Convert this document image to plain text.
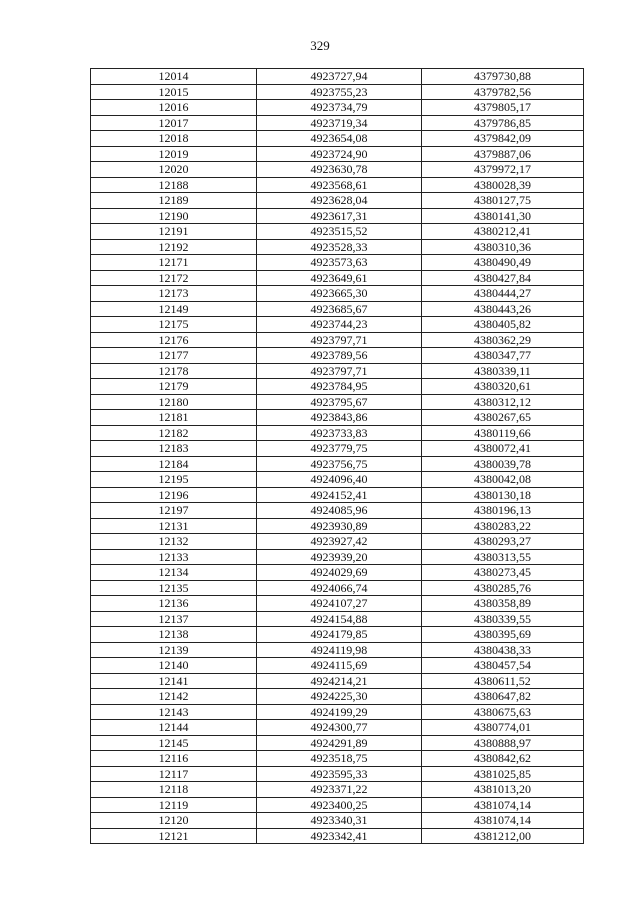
329
12014	4923727,94	4379730,88
12015	4923755,23	4379782,56
12016	4923734,79	4379805,17
12017	4923719,34	4379786,85
12018	4923654,08	4379842,09
12019	4923724,90	4379887,06
12020	4923630,78	4379972,17
12188	4923568,61	4380028,39
12189	4923628,04	4380127,75
12190	4923617,31	4380141,30
12191	4923515,52	4380212,41
12192	4923528,33	4380310,36
12171	4923573,63	4380490,49
12172	4923649,61	4380427,84
12173	4923665,30	4380444,27
12149	4923685,67	4380443,26
12175	4923744,23	4380405,82
12176	4923797,71	4380362,29
12177	4923789,56	4380347,77
12178	4923797,71	4380339,11
12179	4923784,95	4380320,61
12180	4923795,67	4380312,12
12181	4923843,86	4380267,65
12182	4923733,83	4380119,66
12183	4923779,75	4380072,41
12184	4923756,75	4380039,78
12195	4924096,40	4380042,08
12196	4924152,41	4380130,18
12197	4924085,96	4380196,13
12131	4923930,89	4380283,22
12132	4923927,42	4380293,27
12133	4923939,20	4380313,55
12134	4924029,69	4380273,45
12135	4924066,74	4380285,76
12136	4924107,27	4380358,89
12137	4924154,88	4380339,55
12138	4924179,85	4380395,69
12139	4924119,98	4380438,33
12140	4924115,69	4380457,54
12141	4924214,21	4380611,52
12142	4924225,30	4380647,82
12143	4924199,29	4380675,63
12144	4924300,77	4380774,01
12145	4924291,89	4380888,97
12116	4923518,75	4380842,62
12117	4923595,33	4381025,85
12118	4923371,22	4381013,20
12119	4923400,25	4381074,14
12120	4923340,31	4381074,14
12121	4923342,41	4381212,00
